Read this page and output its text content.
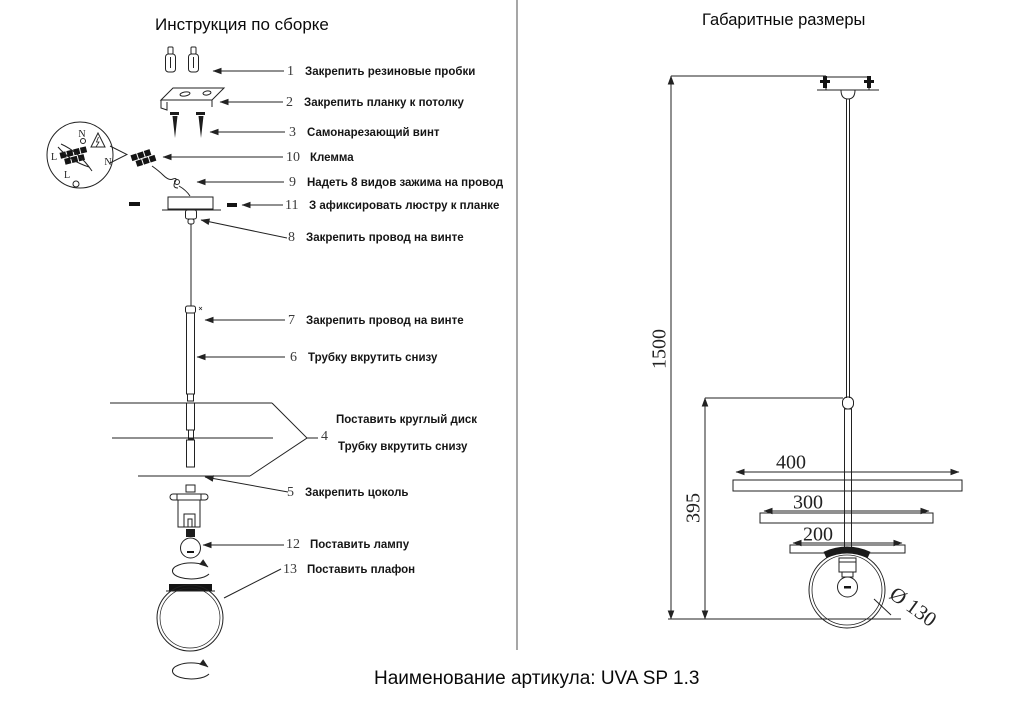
N
L	N
L
Инструкция по сборке	Габаритные размеры
1 Закрепить резиновые пробки
2 Закрепить планку к потолку
3 Самонарезающий винт
10 Клемма
9 Надеть 8 видов зажима на провод
11 З афиксировать люстру к планке
8 Закрепить провод на винте
7 Закрепить провод на винте
6 Трубку вкрутить снизу
4
Поставить круглый диск
Трубку вкрутить снизу
5 Закрепить цоколь
12 Поставить лампу
13 Поставить плафон
1500
395
400
300
200
Ø 130
Наименование артикула: UVA SP 1.3
